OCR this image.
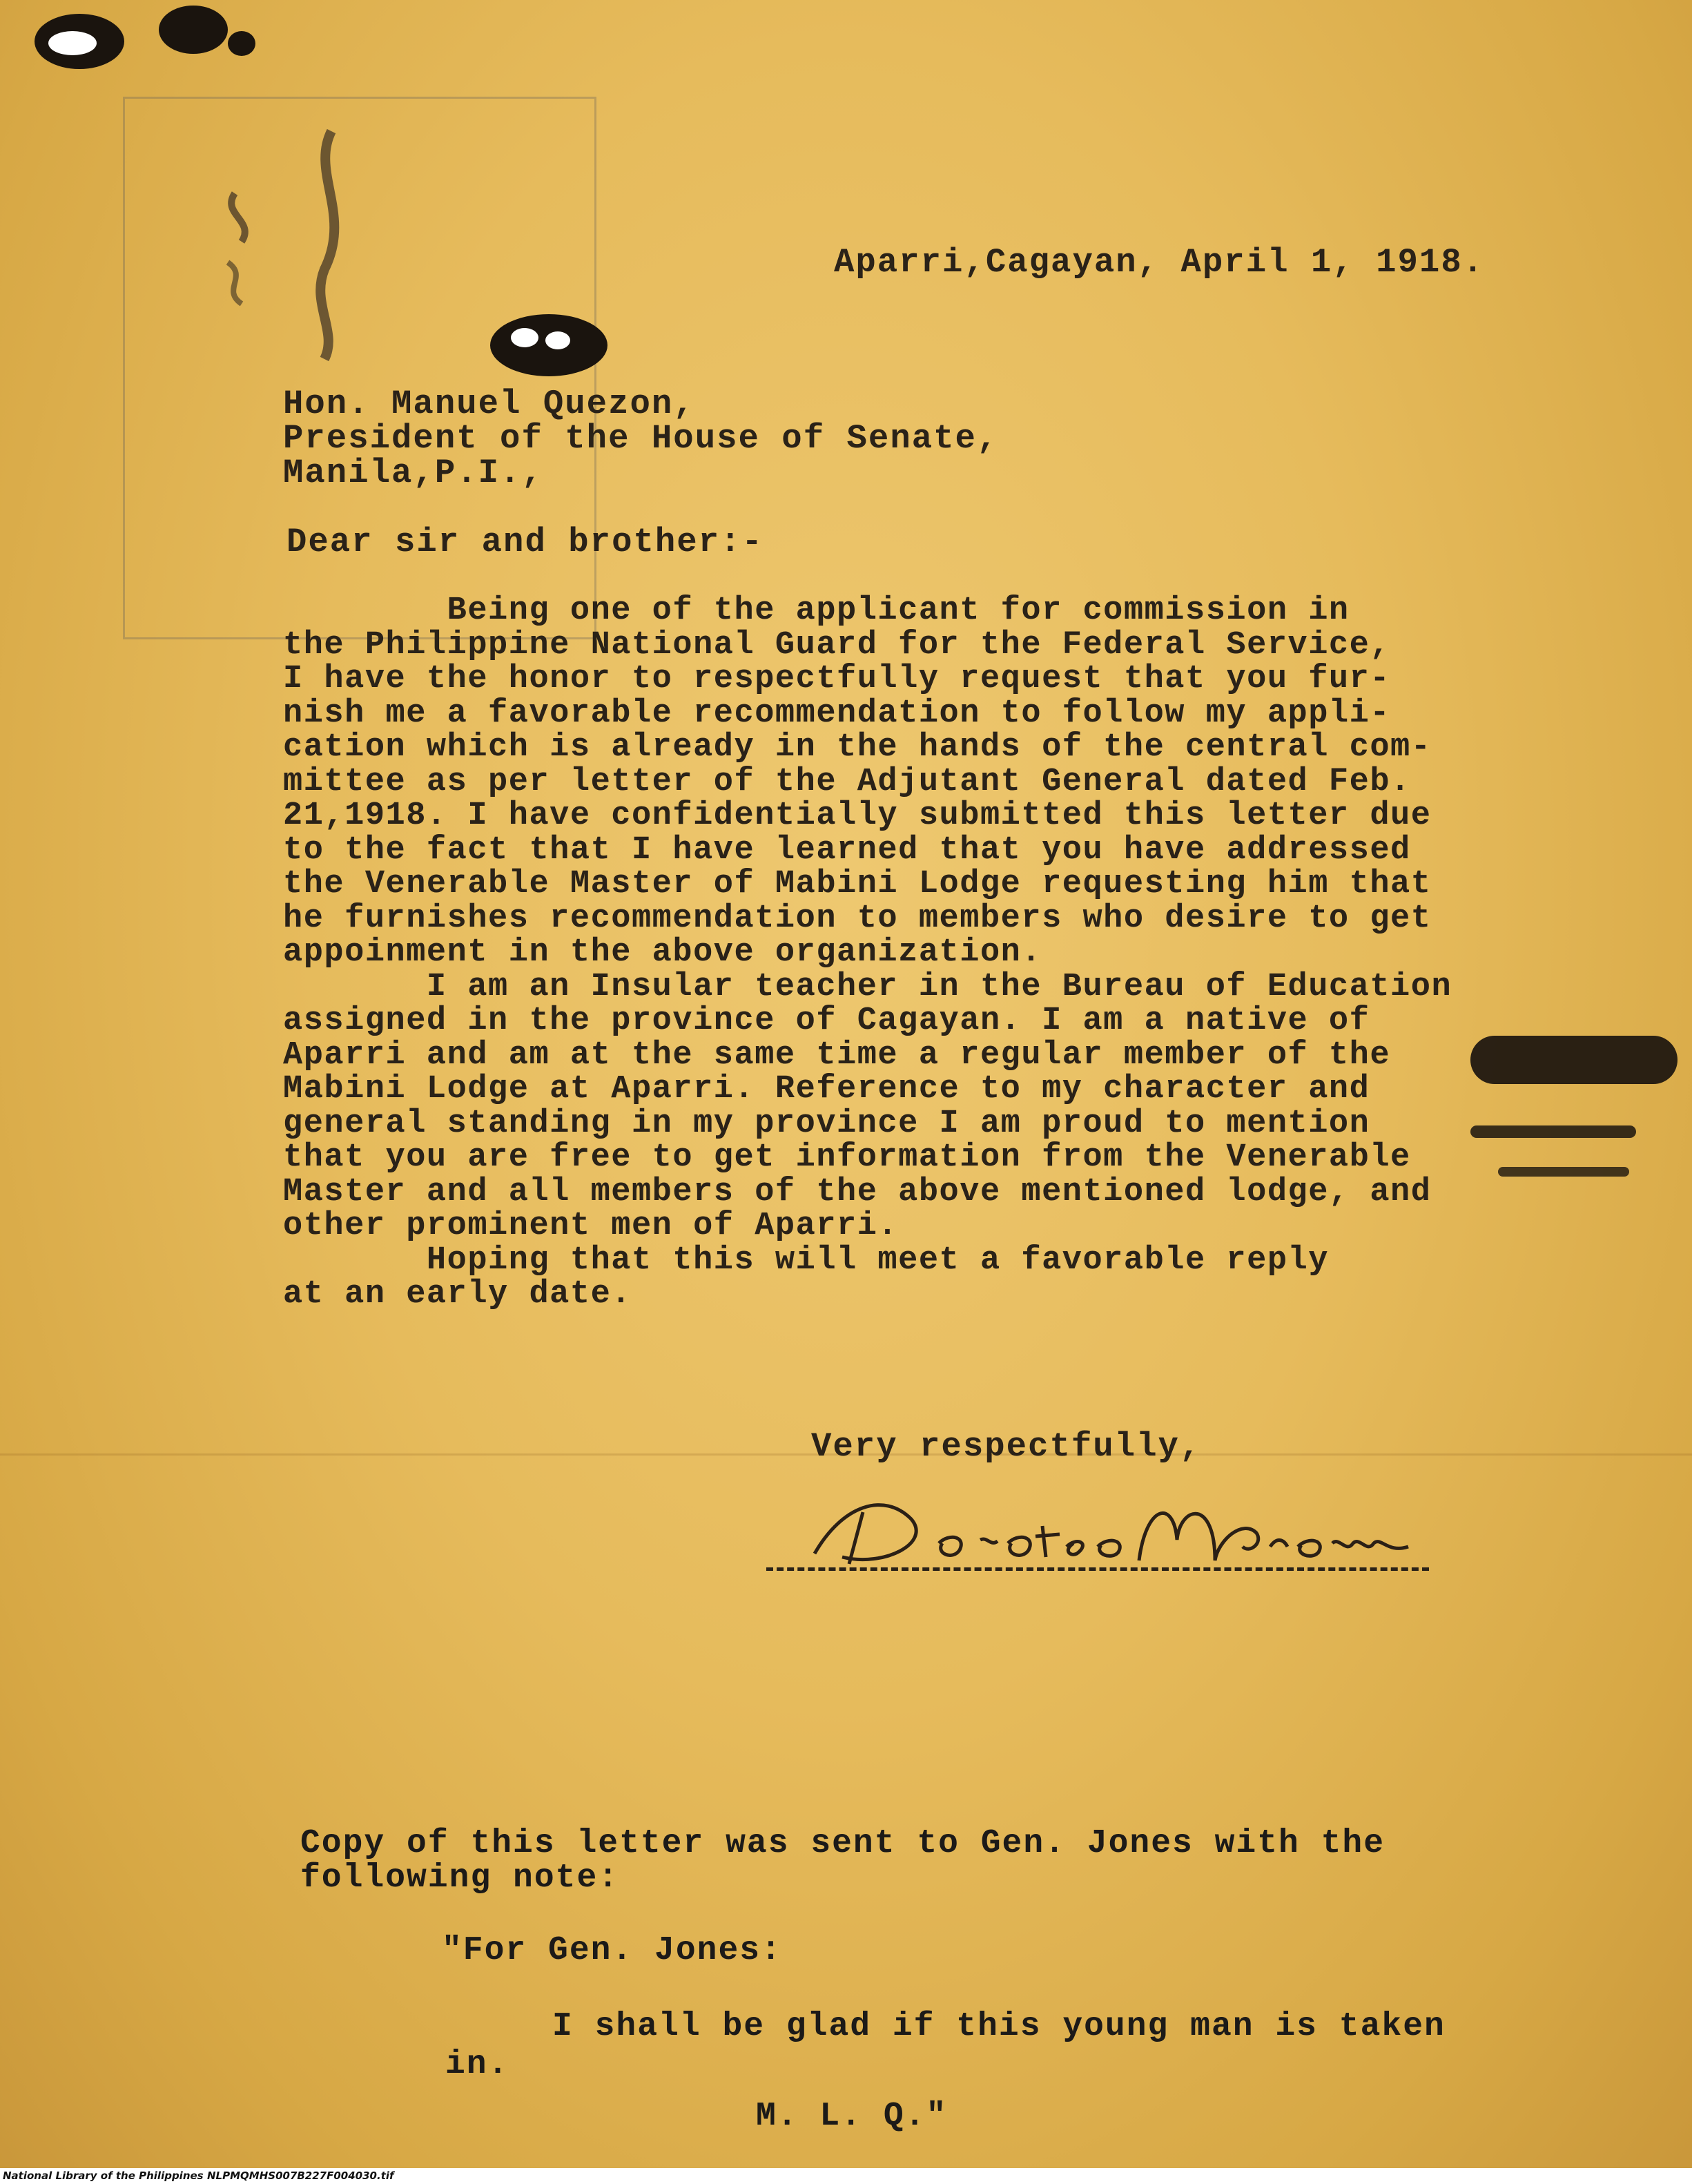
Aparri,Cagayan, April 1, 1918.
Hon. Manuel Quezon,
President of the House of Senate,
Manila,P.I.,
Dear sir and brother:-
Being one of the applicant for commission in
the Philippine National Guard for the Federal Service,
I have the honor to respectfully request that you fur-
nish me a favorable recommendation to follow my appli-
cation which is already in the hands of the central com-
mittee as per letter of the Adjutant General dated Feb.
21,1918. I have confidentially submitted this letter due
to the fact that I have learned that you have addressed
the Venerable Master of Mabini Lodge requesting him that
he furnishes recommendation to members who desire to get
appoinment in the above organization.
I am an Insular teacher in the Bureau of Education
assigned in the province of Cagayan. I am a native of
Aparri and am at the same time a regular member of the
Mabini Lodge at Aparri. Reference to my character and
general standing in my province I am proud to mention
that you are free to get information from the Venerable
Master and all members of the above mentioned lodge, and
other prominent men of Aparri.
Hoping that this will meet a favorable reply
at an early date.
Very respectfully,
Copy of this letter was sent to Gen. Jones with the
following note:
"For Gen. Jones:
I shall be glad if this young man is taken
in.
M. L. Q."
National Library of the Philippines NLPMQMHS007B227F004030.tif
